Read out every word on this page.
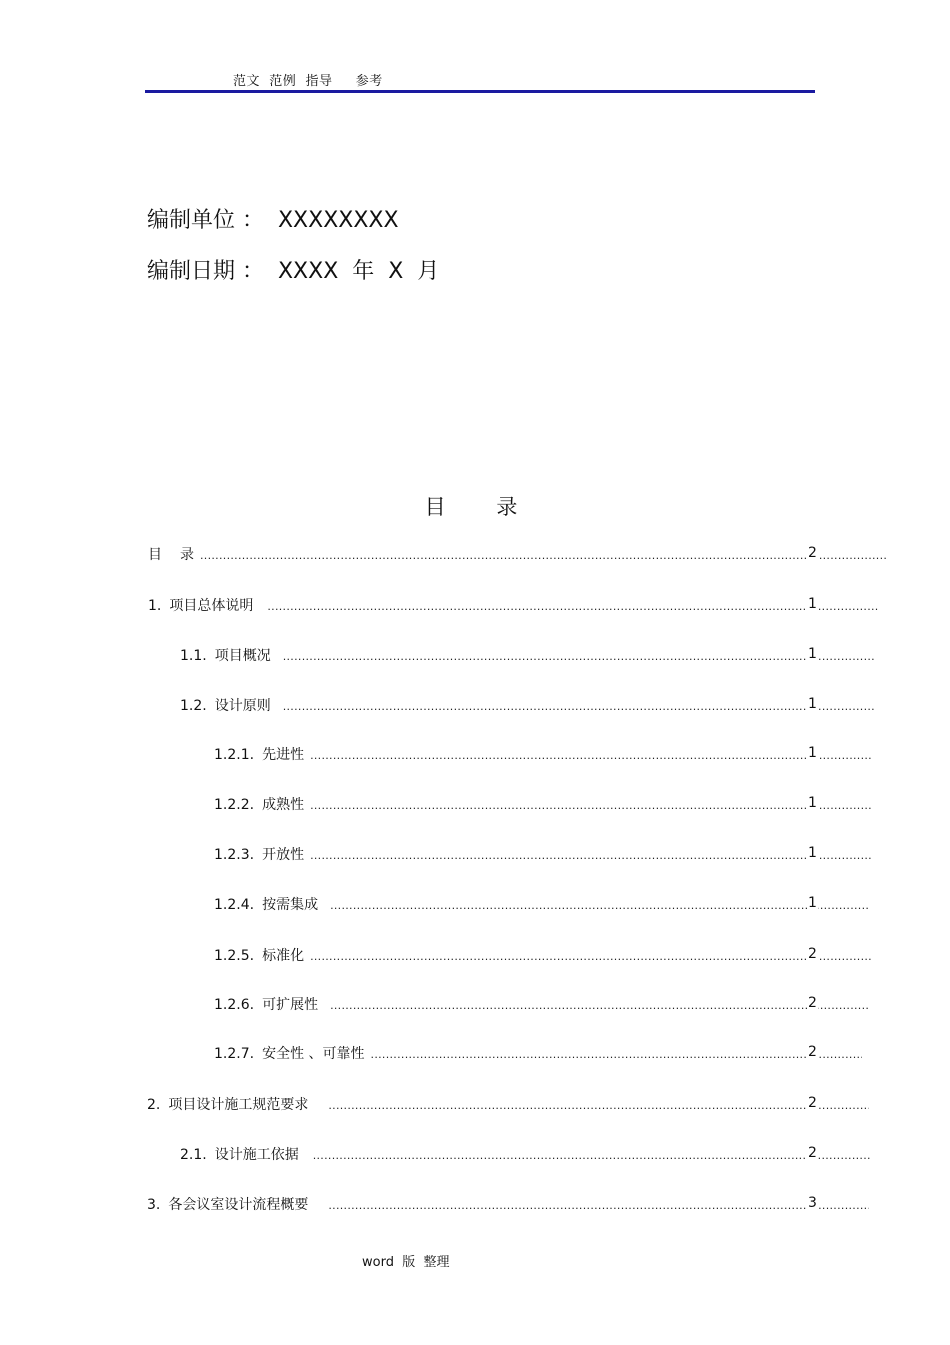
范文  范例  指导     参考
编制单位 ：  XXXXXXXX
编制日期 ：  XXXX  年  X  月
目 录
目 录 .....	2
1. 项目总体说明 .....	1
1.1. 项目概况 .....	1
1.2. 设计原则 .....	1
1.2.1. 先进性 .....	1
1.2.2. 成熟性 .....	1
1.2.3. 开放性 .....	1
1.2.4. 按需集成 .....	1
1.2.5. 标准化 .....	2
1.2.6. 可扩展性 .....	2
1.2.7. 安全性 、可靠性 .....	2
2. 项目设计施工规范要求 .....	2
2.1. 设计施工依据 .....	2
3. 各会议室设计流程概要 .....	3
word  版  整理
